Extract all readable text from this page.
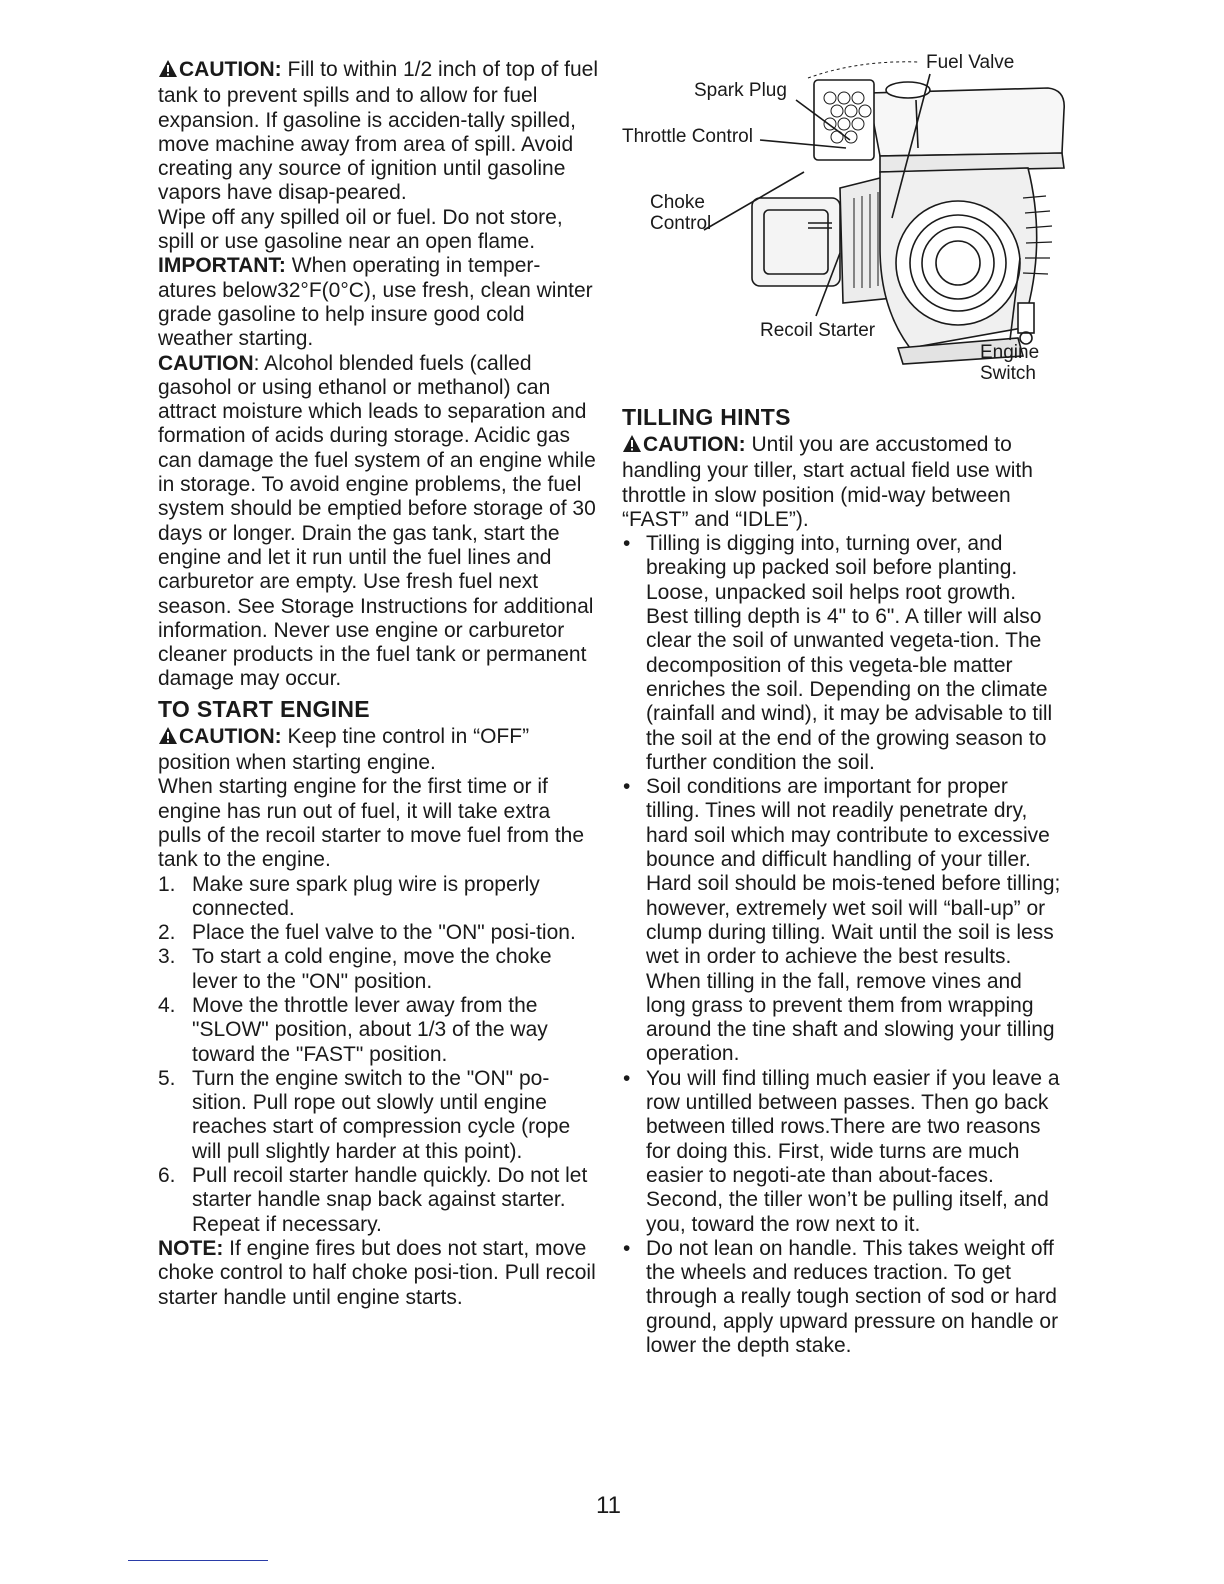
CAUTION: Fill to within 1/2 inch of top of fuel tank to prevent spills and to allow for fuel expansion. If gasoline is acciden-tally spilled, move machine away from area of spill. Avoid creating any source of ignition until gasoline vapors have disap-peared.

Wipe off any spilled oil or fuel. Do not store, spill or use gasoline near an open flame.

IMPORTANT: When operating in temper-atures below32°F(0°C), use fresh, clean winter grade gasoline to help insure good cold weather starting.

CAUTION: Alcohol blended fuels (called gasohol or using ethanol or methanol) can attract moisture which leads to separation and formation of acids during storage. Acidic gas can damage the fuel system of an engine while in storage. To avoid engine problems, the fuel system should be emptied before storage of 30 days or longer. Drain the gas tank, start the engine and let it run until the fuel lines and carburetor are empty. Use fresh fuel next season. See Storage Instructions for additional information. Never use engine or carburetor cleaner products in the fuel tank or permanent damage may occur.

TO START ENGINE

CAUTION: Keep tine control in “OFF” position when starting engine.

When starting engine for the first time or if engine has run out of fuel, it will take extra pulls of the recoil starter to move fuel from the tank to the engine.

1. Make sure spark plug wire is properly connected.
2. Place the fuel valve to the "ON" posi-tion.
3. To start a cold engine, move the choke lever to the "ON" position.
4. Move the throttle lever away from the "SLOW" position, about 1/3 of the way toward the "FAST" position.
5. Turn the engine switch to the "ON" po-sition. Pull rope out slowly until engine reaches start of compression cycle (rope will pull slightly harder at this point).
6. Pull recoil starter handle quickly. Do not let starter handle snap back against starter. Repeat if necessary.

NOTE: If engine fires but does not start, move choke control to half choke posi-tion. Pull recoil starter handle until engine starts.

Fuel Valve
Spark Plug
Throttle Control
Choke
Control
Recoil Starter
Engine
Switch
TILLING HINTS

CAUTION: Until you are accustomed to handling your tiller, start actual field use with throttle in slow position (mid-way between “FAST” and “IDLE”).

• Tilling is digging into, turning over, and breaking up packed soil before planting. Loose, unpacked soil helps root growth. Best tilling depth is 4" to 6". A tiller will also clear the soil of unwanted vegeta-tion. The decomposition of this vegeta-ble matter enriches the soil. Depending on the climate (rainfall and wind), it may be advisable to till the soil at the end of the growing season to further condition the soil.
• Soil conditions are important for proper tilling. Tines will not readily penetrate dry, hard soil which may contribute to excessive bounce and difficult handling of your tiller. Hard soil should be mois-tened before tilling; however, extremely wet soil will “ball-up” or clump during tilling. Wait until the soil is less wet in order to achieve the best results. When tilling in the fall, remove vines and long grass to prevent them from wrapping around the tine shaft and slowing your tilling operation.
• You will find tilling much easier if you leave a row untilled between passes. Then go back between tilled rows.There are two reasons for doing this. First, wide turns are much easier to negoti-ate than about-faces. Second, the tiller won’t be pulling itself, and you, toward the row next to it.
• Do not lean on handle. This takes weight off the wheels and reduces traction. To get through a really tough section of sod or hard ground, apply upward pressure on handle or lower the depth stake.
11
